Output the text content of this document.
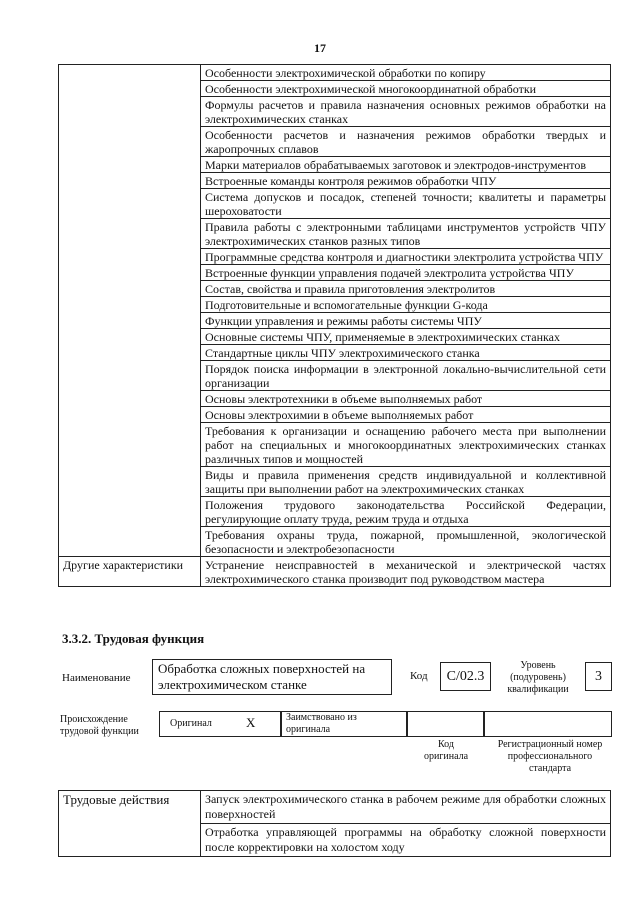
17
	Особенности электрохимической обработки по копиру
	Особенности электрохимической многокоординатной обработки
	Формулы расчетов и правила назначения основных режимов обработки на электрохимических станках
	Особенности расчетов и назначения режимов обработки твердых и жаропрочных сплавов
	Марки материалов обрабатываемых заготовок и электродов-инструментов
	Встроенные команды контроля режимов обработки ЧПУ
	Система допусков и посадок, степеней точности; квалитеты и параметры шероховатости
	Правила работы с электронными таблицами инструментов устройств ЧПУ электрохимических станков разных типов
	Программные средства контроля и диагностики электролита устройства ЧПУ
	Встроенные функции управления подачей электролита устройства ЧПУ
	Состав, свойства и правила приготовления электролитов
	Подготовительные и вспомогательные функции G-кода
	Функции управления и режимы работы системы ЧПУ
	Основные системы ЧПУ, применяемые в электрохимических станках
	Стандартные циклы ЧПУ электрохимического станка
	Порядок поиска информации в электронной локально-вычислительной сети организации
	Основы электротехники в объеме выполняемых работ
	Основы электрохимии в объеме выполняемых работ
	Требования к организации и оснащению рабочего места при выполнении работ на специальных и многокоординатных электрохимических станках различных типов и мощностей
	Виды и правила применения средств индивидуальной и коллективной защиты при выполнении работ на электрохимических станках
	Положения трудового законодательства Российской Федерации, регулирующие оплату труда, режим труда и отдыха
	Требования охраны труда, пожарной, промышленной, экологической безопасности и электробезопасности
Другие характеристики	Устранение неисправностей в механической и электрической частях электрохимического станка производит под руководством мастера
3.3.2. Трудовая функция
Наименование
Обработка сложных поверхностей на электрохимическом станке
Код	С/02.3
Уровень (подуровень) квалификации
3
Происхождение трудовой функции
Оригинал	X	Заимствовано из оригинала
Код оригинала
Регистрационный номер профессионального стандарта
Трудовые действия	Запуск электрохимического станка в рабочем режиме для обработки сложных поверхностей
Отработка управляющей программы на обработку сложной поверхности после корректировки на холостом ходу
